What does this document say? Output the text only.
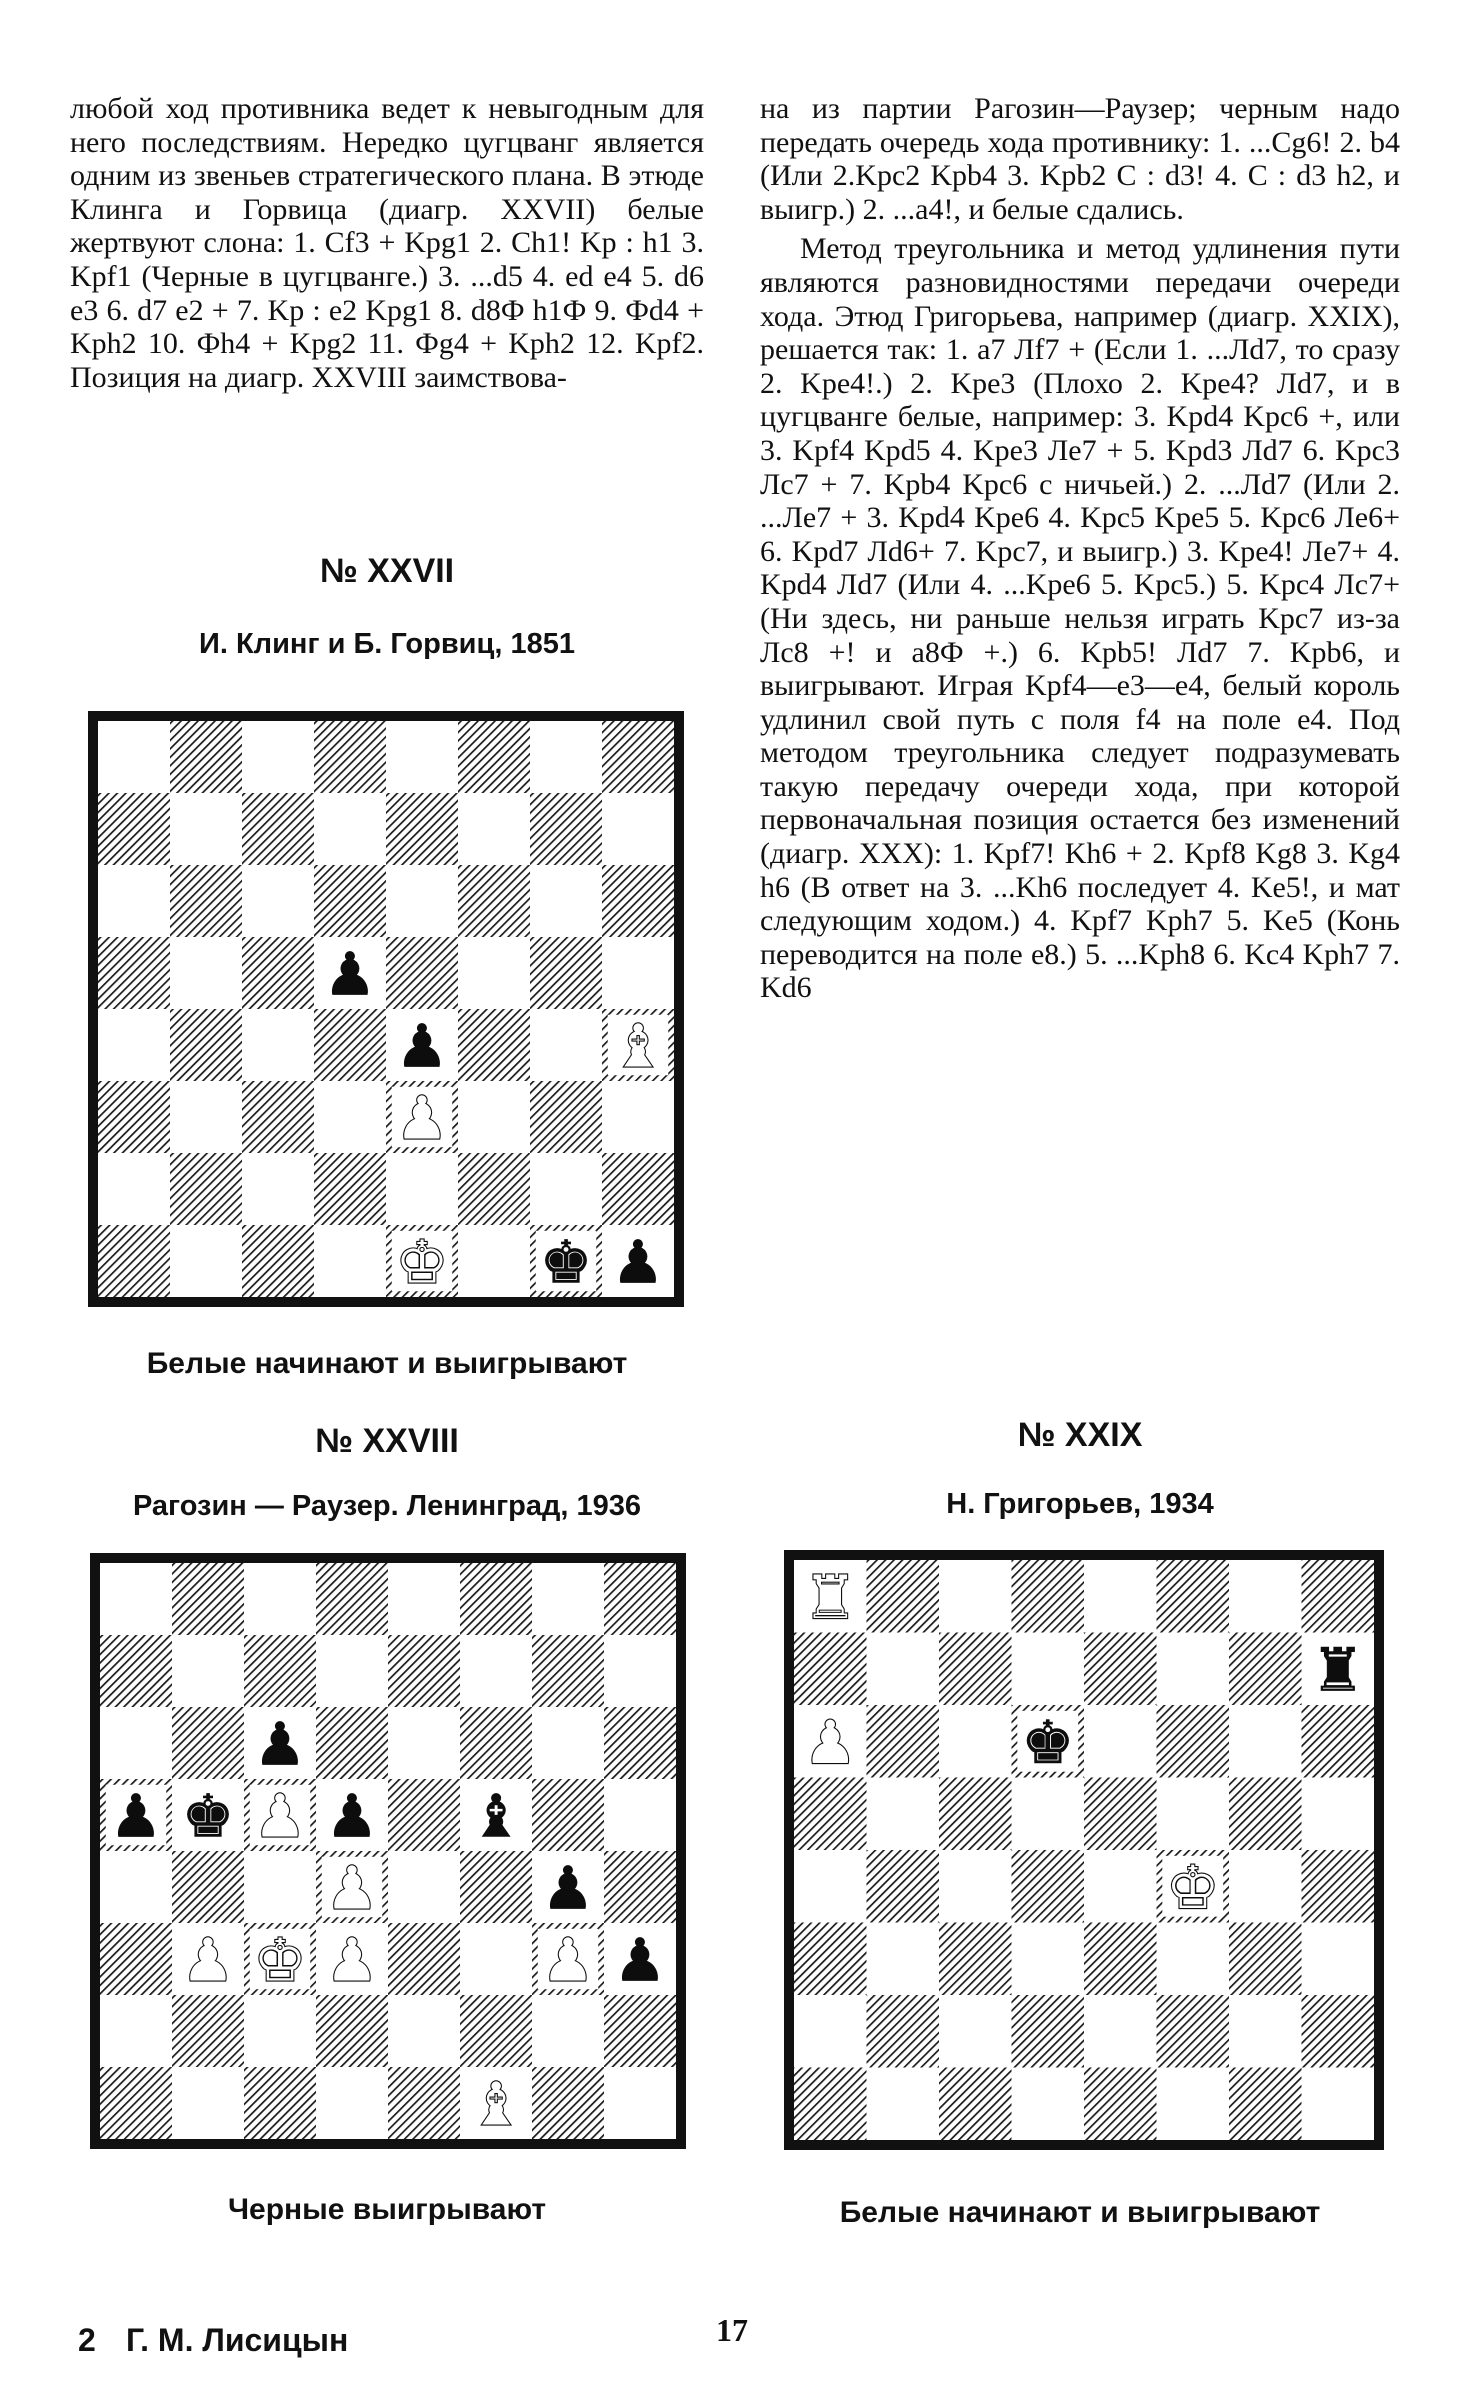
любой ход противника ведет к невыгодным для него последствиям. Нередко цугцванг является одним из звеньев стратегического плана. В этюде Клинга и Горвица (диагр. XXVII) белые жертвуют слона: 1. Cf3 + Kpg1 2. Ch1! Kp : h1 3. Kpf1 (Черные в цугцванге.) 3. ...d5 4. ed e4 5. d6 e3 6. d7 e2 + 7. Kp : e2 Kpg1 8. d8Ф h1Ф 9. Фd4 + Kph2 10. Фh4 + Kpg2 11. Фg4 + Kph2 12. Kpf2. Позиция на диагр. XXVIII заимствова-

на из партии Рагозин—Раузер; черным надо передать очередь хода противнику: 1. ...Cg6! 2. b4 (Или 2.Kpc2 Kpb4 3. Kpb2 C : d3! 4. C : d3 h2, и выигр.) 2. ...a4!, и белые сдались.

Метод треугольника и метод удлинения пути являются разновидностями передачи очереди хода. Этюд Григорьева, например (диагр. XXIX), решается так: 1. a7 Лf7 + (Если 1. ...Лd7, то сразу 2. Kpe4!.) 2. Kpe3 (Плохо 2. Kpe4? Лd7, и в цугцванге белые, например: 3. Kpd4 Kpc6 +, или 3. Kpf4 Kpd5 4. Kpe3 Лe7 + 5. Kpd3 Лd7 6. Kpc3 Лc7 + 7. Kpb4 Kpc6 с ничьей.) 2. ...Лd7 (Или 2. ...Лe7 + 3. Kpd4 Kpe6 4. Kpc5 Kpe5 5. Kpc6 Лe6+ 6. Kpd7 Лd6+ 7. Kpc7, и выигр.) 3. Kpe4! Лe7+ 4. Kpd4 Лd7 (Или 4. ...Kpe6 5. Kpc5.) 5. Kpc4 Лc7+ (Ни здесь, ни раньше нельзя играть Kpc7 из-за Лc8 +! и a8Ф +.) 6. Kpb5! Лd7 7. Kpb6, и выигрывают. Играя Kpf4—e3—e4, белый король удлинил свой путь с поля f4 на поле e4. Под методом треугольника следует подразумевать такую передачу очереди хода, при которой первоначальная позиция остается без изменений (диагр. XXX): 1. Kpf7! Kh6 + 2. Kpf8 Kg8 3. Kg4 h6 (В ответ на 3. ...Kh6 последует 4. Ke5!, и мат следующим ходом.) 4. Kpf7 Kph7 5. Ke5 (Конь переводится на поле e8.) 5. ...Kph8 6. Kc4 Kph7 7. Kd6

№ XXVII
И. Клинг и Б. Горвиц, 1851
♟
♟	♝
♟
♚ ♚ ♟
Белые начинают и выигрывают
№ XXVIII
Рагозин — Раузер. Ленинград, 1936
♟
♟ ♚ ♟ ♟ ♝
♟	♟
♟ ♚ ♟	♟ ♟
♝
Черные выигрывают
№ XXIX
Н. Григорьев, 1934
♜
♜
♟	♚
♚
Белые начинают и выигрывают
2 Г. М. Лисицын	17
